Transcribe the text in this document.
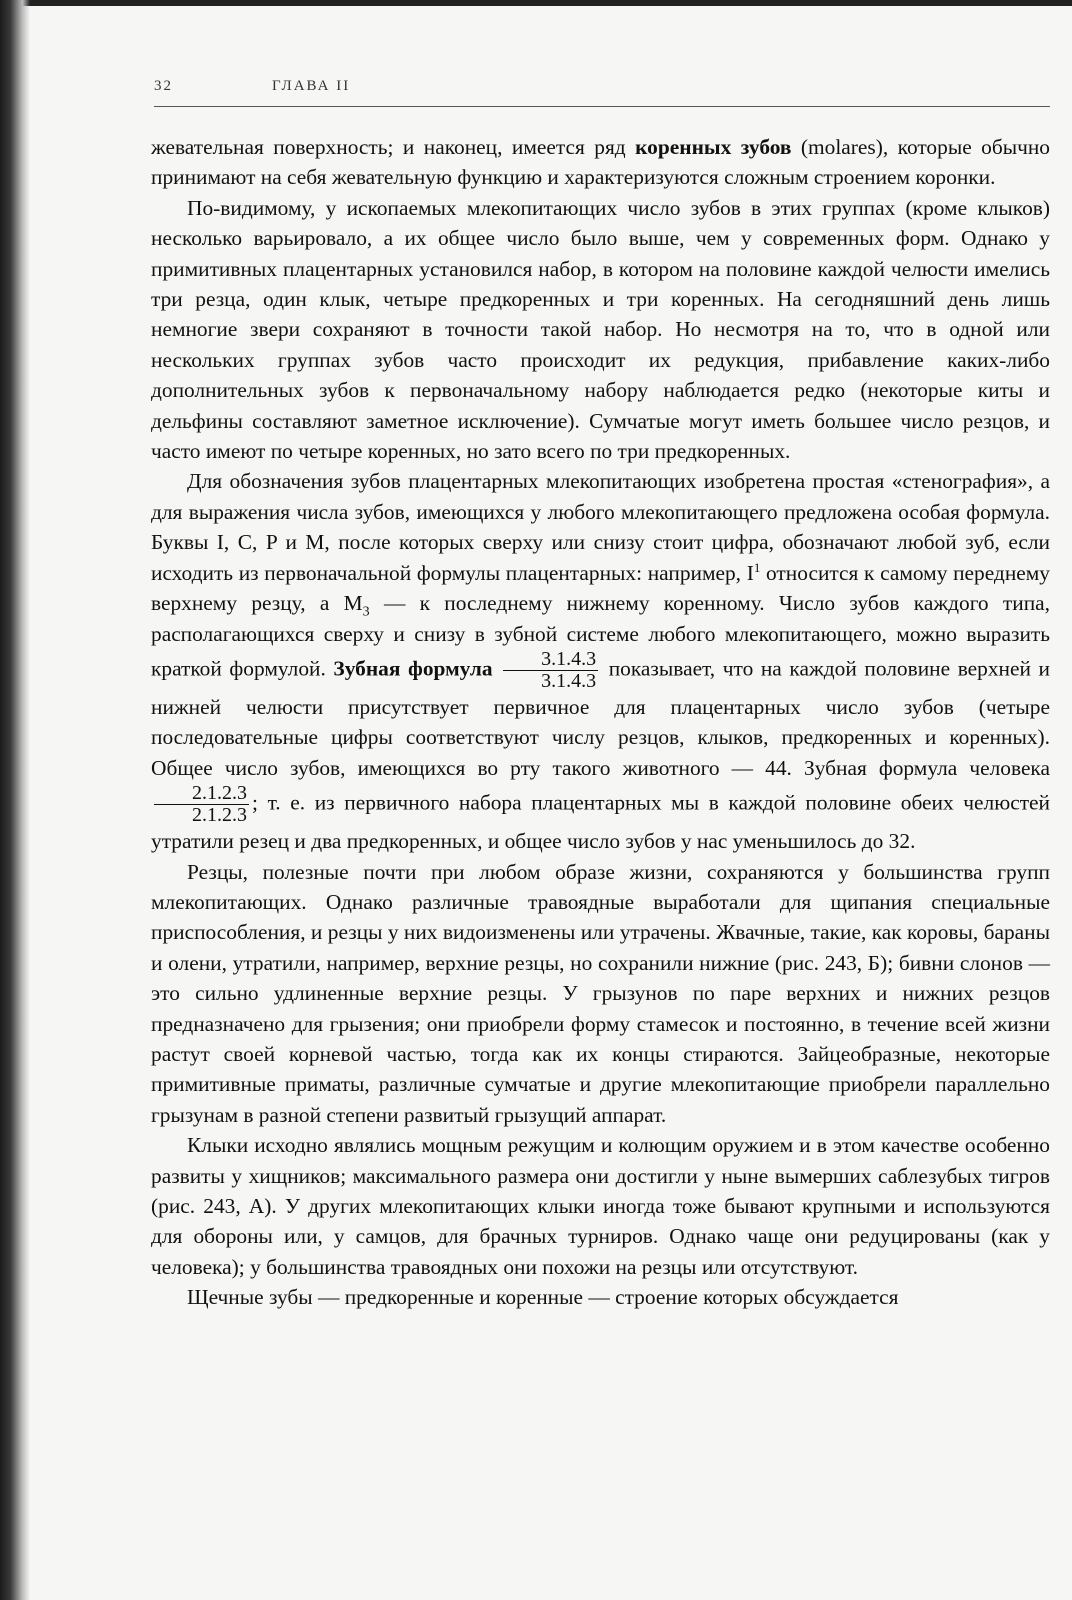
32	ГЛАВА II

жевательная поверхность; и наконец, имеется ряд коренных зубов (molares), которые обычно принимают на себя жевательную функцию и характеризуются сложным строением коронки.

По-видимому, у ископаемых млекопитающих число зубов в этих группах (кроме клыков) несколько варьировало, а их общее число было выше, чем у современных форм. Однако у примитивных плацентарных установился набор, в котором на половине каждой челюсти имелись три резца, один клык, четыре предкоренных и три коренных. На сегодняшний день лишь немногие звери сохраняют в точности такой набор. Но несмотря на то, что в одной или нескольких группах зубов часто происходит их редукция, прибавление каких-либо дополнительных зубов к первоначальному набору наблюдается редко (некоторые киты и дельфины составляют заметное исключение). Сумчатые могут иметь большее число резцов, и часто имеют по четыре коренных, но зато всего по три предкоренных.

Для обозначения зубов плацентарных млекопитающих изобретена простая «стенография», а для выражения числа зубов, имеющихся у любого млекопитающего предложена особая формула. Буквы I, C, P и M, после которых сверху или снизу стоит цифра, обозначают любой зуб, если исходить из первоначальной формулы плацентарных: например, $I^1$ относится к самому переднему верхнему резцу, а $M_3$ — к последнему нижнему коренному. Число зубов каждого типа, располагающихся сверху и снизу в зубной системе любого млекопитающего, можно выразить краткой формулой. Зубная формула $\frac{3.1.4.3}{3.1.4.3}$ показывает, что на каждой половине верхней и нижней челюсти присутствует первичное для плацентарных число зубов (четыре последовательные цифры соответствуют числу резцов, клыков, предкоренных и коренных). Общее число зубов, имеющихся во рту такого животного — 44. Зубная формула человека
$\frac{2.1.2.3}{2.1.2.3}$ ; т. е. из первичного набора плацентарных мы в каждой половине обеих челюстей утратили резец и два предкоренных, и общее число зубов у нас уменьшилось до 32.

Резцы, полезные почти при любом образе жизни, сохраняются у большинства групп млекопитающих. Однако различные травоядные выработали для щипания специальные приспособления, и резцы у них видоизменены или утрачены. Жвачные, такие, как коровы, бараны и олени, утратили, например, верхние резцы, но сохранили нижние (рис. 243, Б); бивни слонов — это сильно удлиненные верхние резцы. У грызунов по паре верхних и нижних резцов предназначено для грызения; они приобрели форму стамесок и постоянно, в течение всей жизни растут своей корневой частью, тогда как их концы стираются. Зайцеобразные, некоторые примитивные приматы, различные сумчатые и другие млекопитающие приобрели параллельно грызунам в разной степени развитый грызущий аппарат.

Клыки исходно являлись мощным режущим и колющим оружием и в этом качестве особенно развиты у хищников; максимального размера они достигли у ныне вымерших саблезубых тигров (рис. 243, А). У других млекопитающих клыки иногда тоже бывают крупными и используются для обороны или, у самцов, для брачных турниров. Однако чаще они редуцированы (как у человека); у большинства травоядных они похожи на резцы или отсутствуют.

Щечные зубы — предкоренные и коренные — строение которых обсуждается
